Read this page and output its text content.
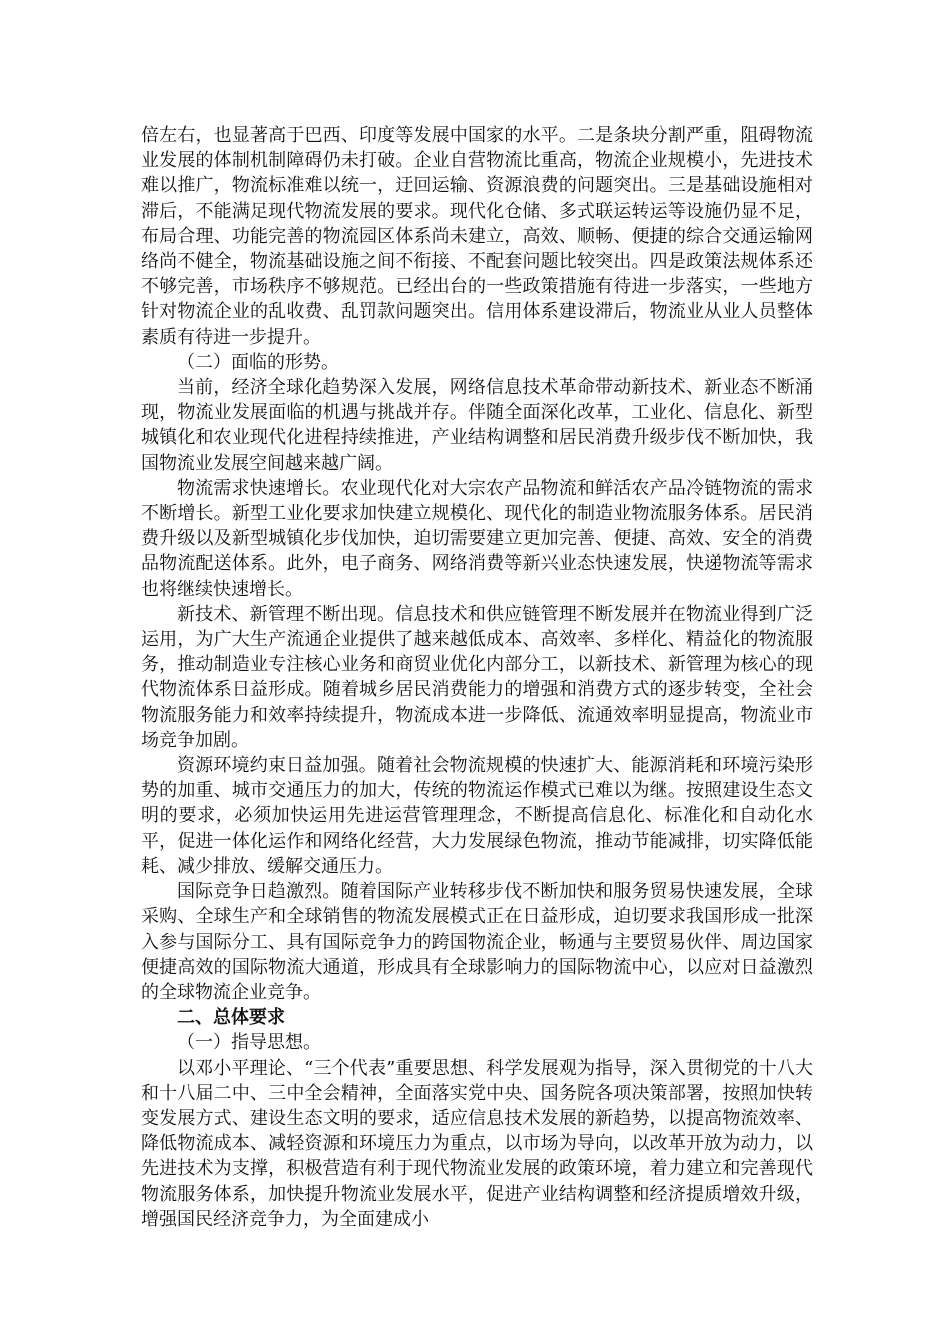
倍左右，也显著高于巴西、印度等发展中国家的水平。二是条块分割严重，阻碍物流业发展的体制机制障碍仍未打破。企业自营物流比重高，物流企业规模小，先进技术难以推广，物流标准难以统一，迂回运输、资源浪费的问题突出。三是基础设施相对滞后，不能满足现代物流发展的要求。现代化仓储、多式联运转运等设施仍显不足，布局合理、功能完善的物流园区体系尚未建立，高效、顺畅、便捷的综合交通运输网络尚不健全，物流基础设施之间不衔接、不配套问题比较突出。四是政策法规体系还不够完善，市场秩序不够规范。已经出台的一些政策措施有待进一步落实，一些地方针对物流企业的乱收费、乱罚款问题突出。信用体系建设滞后，物流业从业人员整体素质有待进一步提升。

（二）面临的形势。

当前，经济全球化趋势深入发展，网络信息技术革命带动新技术、新业态不断涌现，物流业发展面临的机遇与挑战并存。伴随全面深化改革，工业化、信息化、新型城镇化和农业现代化进程持续推进，产业结构调整和居民消费升级步伐不断加快，我国物流业发展空间越来越广阔。

物流需求快速增长。农业现代化对大宗农产品物流和鲜活农产品冷链物流的需求不断增长。新型工业化要求加快建立规模化、现代化的制造业物流服务体系。居民消费升级以及新型城镇化步伐加快，迫切需要建立更加完善、便捷、高效、安全的消费品物流配送体系。此外，电子商务、网络消费等新兴业态快速发展，快递物流等需求也将继续快速增长。

新技术、新管理不断出现。信息技术和供应链管理不断发展并在物流业得到广泛运用，为广大生产流通企业提供了越来越低成本、高效率、多样化、精益化的物流服务，推动制造业专注核心业务和商贸业优化内部分工，以新技术、新管理为核心的现代物流体系日益形成。随着城乡居民消费能力的增强和消费方式的逐步转变，全社会物流服务能力和效率持续提升，物流成本进一步降低、流通效率明显提高，物流业市场竞争加剧。

资源环境约束日益加强。随着社会物流规模的快速扩大、能源消耗和环境污染形势的加重、城市交通压力的加大，传统的物流运作模式已难以为继。按照建设生态文明的要求，必须加快运用先进运营管理理念，不断提高信息化、标准化和自动化水平，促进一体化运作和网络化经营，大力发展绿色物流，推动节能减排，切实降低能耗、减少排放、缓解交通压力。

国际竞争日趋激烈。随着国际产业转移步伐不断加快和服务贸易快速发展，全球采购、全球生产和全球销售的物流发展模式正在日益形成，迫切要求我国形成一批深入参与国际分工、具有国际竞争力的跨国物流企业，畅通与主要贸易伙伴、周边国家便捷高效的国际物流大通道，形成具有全球影响力的国际物流中心，以应对日益激烈的全球物流企业竞争。

二、总体要求

（一）指导思想。

以邓小平理论、“三个代表”重要思想、科学发展观为指导，深入贯彻党的十八大和十八届二中、三中全会精神，全面落实党中央、国务院各项决策部署，按照加快转变发展方式、建设生态文明的要求，适应信息技术发展的新趋势，以提高物流效率、降低物流成本、减轻资源和环境压力为重点，以市场为导向，以改革开放为动力，以先进技术为支撑，积极营造有利于现代物流业发展的政策环境，着力建立和完善现代物流服务体系，加快提升物流业发展水平，促进产业结构调整和经济提质增效升级，增强国民经济竞争力，为全面建成小
